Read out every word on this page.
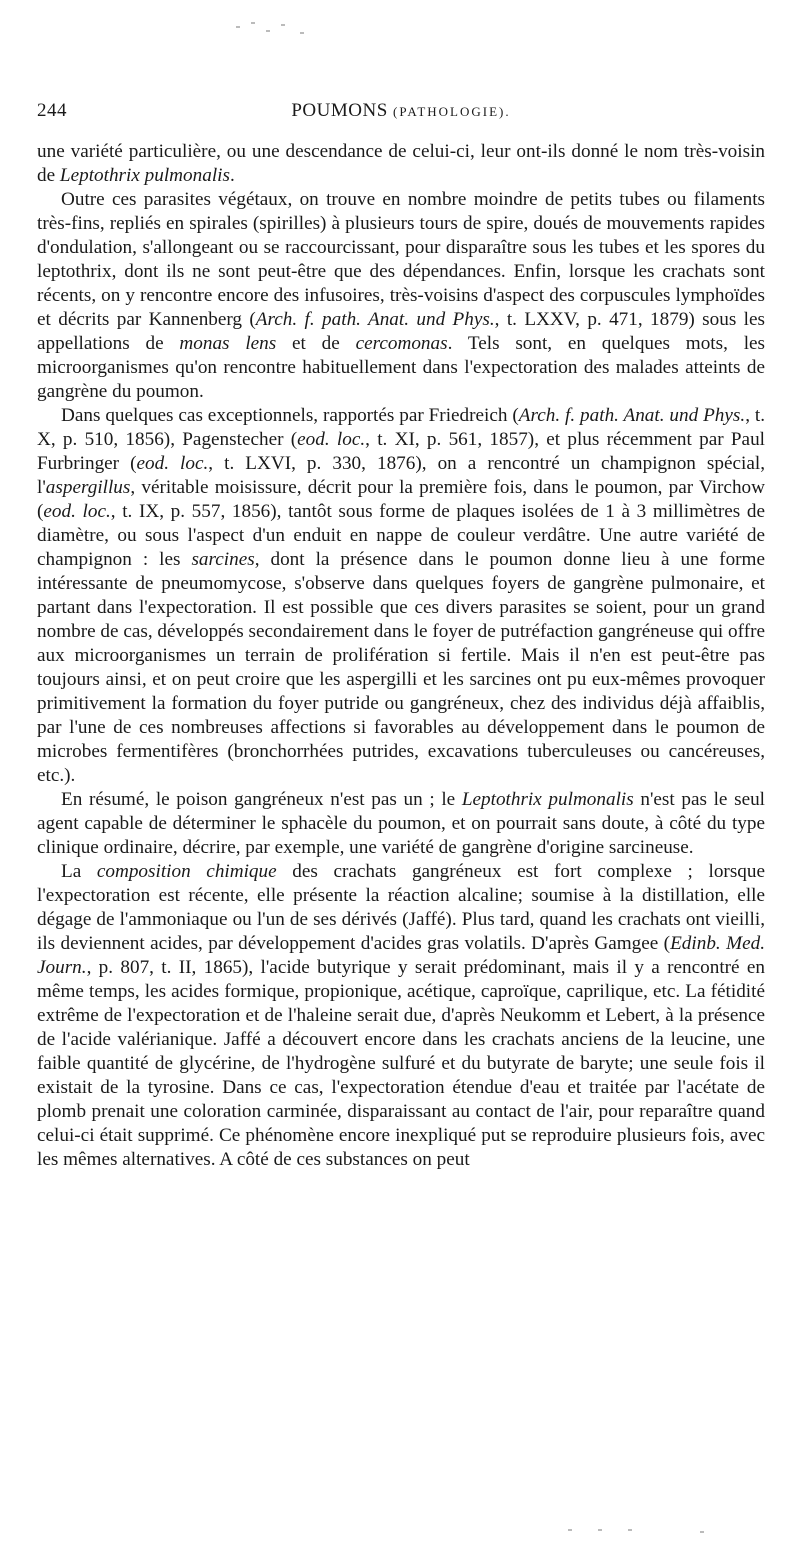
244	POUMONS (PATHOLOGIE).

une variété particulière, ou une descendance de celui-ci, leur ont-ils donné le nom très-voisin de Leptothrix pulmonalis.

Outre ces parasites végétaux, on trouve en nombre moindre de petits tubes ou filaments très-fins, repliés en spirales (spirilles) à plusieurs tours de spire, doués de mouvements rapides d'ondulation, s'allongeant ou se raccourcissant, pour disparaître sous les tubes et les spores du leptothrix, dont ils ne sont peut-être que des dépendances. Enfin, lorsque les crachats sont récents, on y rencontre encore des infusoires, très-voisins d'aspect des corpuscules lymphoïdes et décrits par Kannenberg (Arch. f. path. Anat. und Phys., t. LXXV, p. 471, 1879) sous les appellations de monas lens et de cercomonas. Tels sont, en quelques mots, les microorganismes qu'on rencontre habituellement dans l'expectoration des malades atteints de gangrène du poumon.

Dans quelques cas exceptionnels, rapportés par Friedreich (Arch. f. path. Anat. und Phys., t. X, p. 510, 1856), Pagenstecher (eod. loc., t. XI, p. 561, 1857), et plus récemment par Paul Furbringer (eod. loc., t. LXVI, p. 330, 1876), on a rencontré un champignon spécial, l'aspergillus, véritable moisissure, décrit pour la première fois, dans le poumon, par Virchow (eod. loc., t. IX, p. 557, 1856), tantôt sous forme de plaques isolées de 1 à 3 millimètres de diamètre, ou sous l'aspect d'un enduit en nappe de couleur verdâtre. Une autre variété de champignon : les sarcines, dont la présence dans le poumon donne lieu à une forme intéressante de pneumomycose, s'observe dans quelques foyers de gangrène pulmonaire, et partant dans l'expectoration. Il est possible que ces divers parasites se soient, pour un grand nombre de cas, développés secondairement dans le foyer de putréfaction gangréneuse qui offre aux microorganismes un terrain de prolifération si fertile. Mais il n'en est peut-être pas toujours ainsi, et on peut croire que les aspergilli et les sarcines ont pu eux-mêmes provoquer primitivement la formation du foyer putride ou gangréneux, chez des individus déjà affaiblis, par l'une de ces nombreuses affections si favorables au développement dans le poumon de microbes fermentifères (bronchorrhées putrides, excavations tuberculeuses ou cancéreuses, etc.).

En résumé, le poison gangréneux n'est pas un ; le Leptothrix pulmonalis n'est pas le seul agent capable de déterminer le sphacèle du poumon, et on pourrait sans doute, à côté du type clinique ordinaire, décrire, par exemple, une variété de gangrène d'origine sarcineuse.

La composition chimique des crachats gangréneux est fort complexe ; lorsque l'expectoration est récente, elle présente la réaction alcaline; soumise à la distillation, elle dégage de l'ammoniaque ou l'un de ses dérivés (Jaffé). Plus tard, quand les crachats ont vieilli, ils deviennent acides, par développement d'acides gras volatils. D'après Gamgee (Edinb. Med. Journ., p. 807, t. II, 1865), l'acide butyrique y serait prédominant, mais il y a rencontré en même temps, les acides formique, propionique, acétique, caproïque, caprilique, etc. La fétidité extrême de l'expectoration et de l'haleine serait due, d'après Neukomm et Lebert, à la présence de l'acide valérianique. Jaffé a découvert encore dans les crachats anciens de la leucine, une faible quantité de glycérine, de l'hydrogène sulfuré et du butyrate de baryte; une seule fois il existait de la tyrosine. Dans ce cas, l'expectoration étendue d'eau et traitée par l'acétate de plomb prenait une coloration carminée, disparaissant au contact de l'air, pour reparaître quand celui-ci était supprimé. Ce phénomène encore inexpliqué put se reproduire plusieurs fois, avec les mêmes alternatives. A côté de ces substances on peut
